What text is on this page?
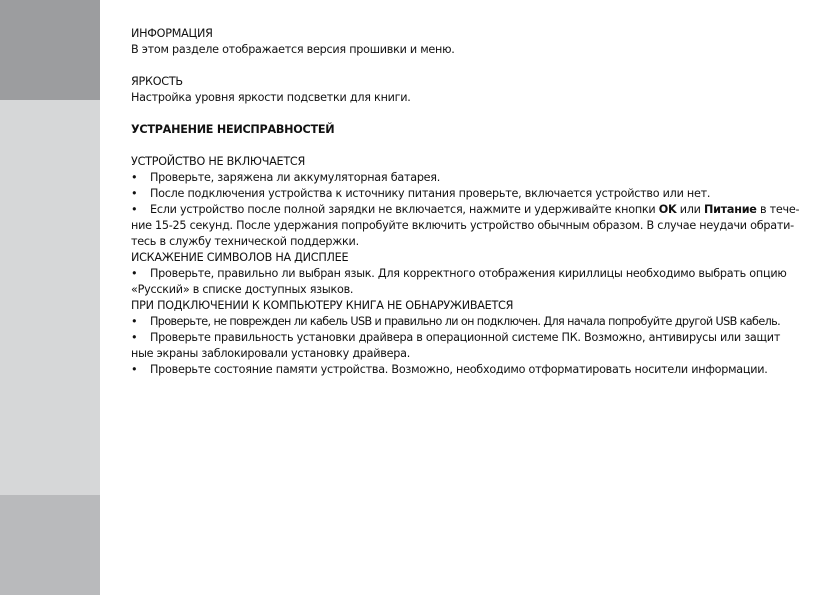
ИНФОРМАЦИЯ
В этом разделе отображается версия прошивки и меню.
ЯРКОСТЬ
Настройка уровня яркости подсветки для книги.
УСТРАНЕНИЕ НЕИСПРАВНОСТЕЙ
УСТРОЙСТВО НЕ ВКЛЮЧАЕТСЯ
• Проверьте, заряжена ли аккумуляторная батарея.
• После подключения устройства к источнику питания проверьте, включается устройство или нет.
• Если устройство после полной зарядки не включается, нажмите и удерживайте кнопки OK или Питание в тече-
ние 15-25 секунд. После удержания попробуйте включить устройство обычным образом. В случае неудачи обрати-
тесь в службу технической поддержки.
ИСКАЖЕНИЕ СИМВОЛОВ НА ДИСПЛЕЕ
• Проверьте, правильно ли выбран язык. Для корректного отображения кириллицы необходимо выбрать опцию
«Русский» в списке доступных языков.
ПРИ ПОДКЛЮЧЕНИИ К КОМПЬЮТЕРУ КНИГА НЕ ОБНАРУЖИВАЕТСЯ
• Проверьте, не поврежден ли кабель USB и правильно ли он подключен. Для начала попробуйте другой USB кабель.
• Проверьте правильность установки драйвера в операционной системе ПК. Возможно, антивирусы или защит
ные экраны заблокировали установку драйвера.
• Проверьте состояние памяти устройства. Возможно, необходимо отформатировать носители информации.
